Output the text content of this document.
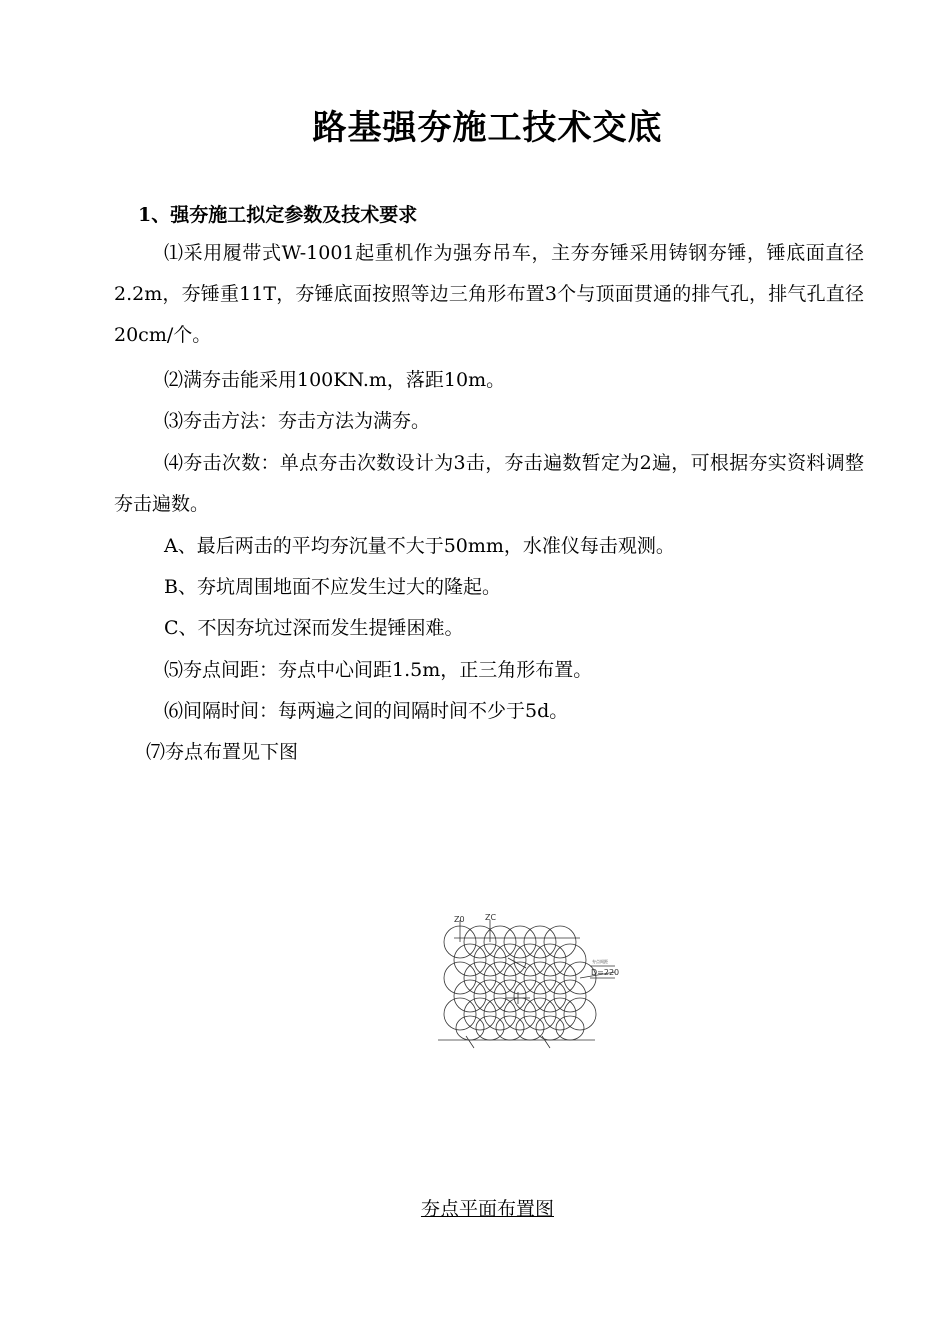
路基强夯施工技术交底
1、强夯施工拟定参数及技术要求

⑴采用履带式W-1001起重机作为强夯吊车，主夯夯锤采用铸钢夯锤，锤底面直径2.2m，夯锤重11T，夯锤底面按照等边三角形布置3个与顶面贯通的排气孔，排气孔直径20cm/个。

⑵满夯击能采用100KN.m，落距10m。

⑶夯击方法：夯击方法为满夯。

⑷夯击次数：单点夯击次数设计为3击，夯击遍数暂定为2遍，可根据夯实资料调整夯击遍数。

A、最后两击的平均夯沉量不大于50mm，水准仪每击观测。

B、夯坑周围地面不应发生过大的隆起。

C、不因夯坑过深而发生提锤困难。

⑸夯点间距：夯点中心间距1.5m，正三角形布置。

⑹间隔时间：每两遍之间的间隔时间不少于5d。

⑺夯点布置见下图

Z0	ZC
夯点间距
D=220
夯点平面布置图
